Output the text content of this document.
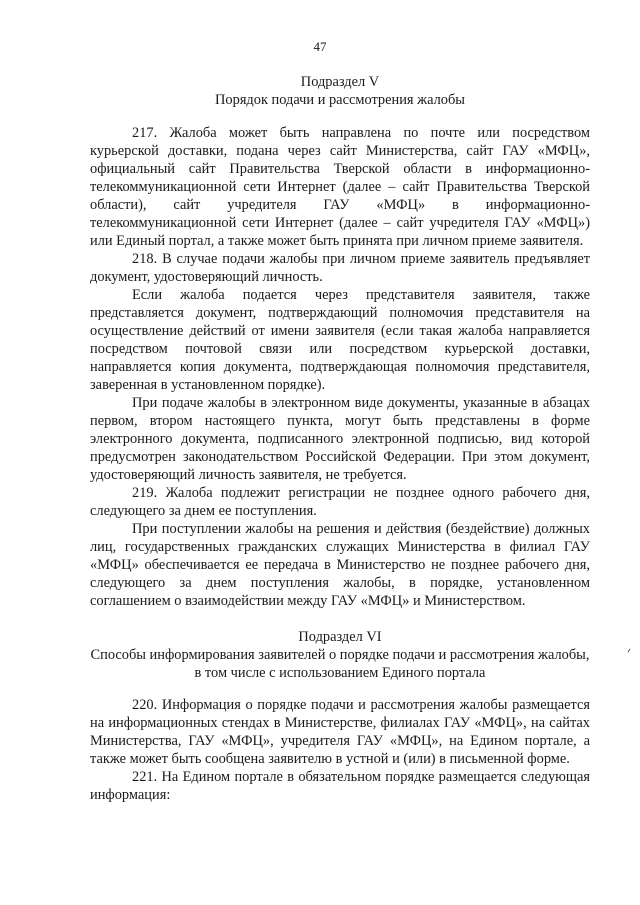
47
Подраздел V
Порядок подачи и рассмотрения жалобы

217. Жалоба может быть направлена по почте или посредством курьерской доставки, подана через сайт Министерства, сайт ГАУ «МФЦ», официальный сайт Правительства Тверской области в информационно-телекоммуникационной сети Интернет (далее – сайт Правительства Тверской области), сайт учредителя ГАУ «МФЦ» в информационно-телекоммуникационной сети Интернет (далее – сайт учредителя ГАУ «МФЦ») или Единый портал, а также может быть принята при личном приеме заявителя.

218. В случае подачи жалобы при личном приеме заявитель предъявляет документ, удостоверяющий личность.

Если жалоба подается через представителя заявителя, также представляется документ, подтверждающий полномочия представителя на осуществление действий от имени заявителя (если такая жалоба направляется посредством почтовой связи или посредством курьерской доставки, направляется копия документа, подтверждающая полномочия представителя, заверенная в установленном порядке).

При подаче жалобы в электронном виде документы, указанные в абзацах первом, втором настоящего пункта, могут быть представлены в форме электронного документа, подписанного электронной подписью, вид которой предусмотрен законодательством Российской Федерации. При этом документ, удостоверяющий личность заявителя, не требуется.

219. Жалоба подлежит регистрации не позднее одного рабочего дня, следующего за днем ее поступления.

При поступлении жалобы на решения и действия (бездействие) должных лиц, государственных гражданских служащих Министерства в филиал ГАУ «МФЦ» обеспечивается ее передача в Министерство не позднее рабочего дня, следующего за днем поступления жалобы, в порядке, установленном соглашением о взаимодействии между ГАУ «МФЦ» и Министерством.

Подраздел VI
Способы информирования заявителей о порядке подачи и рассмотрения жалобы, в том числе с использованием Единого портала

220. Информация о порядке подачи и рассмотрения жалобы размещается на информационных стендах в Министерстве, филиалах ГАУ «МФЦ», на сайтах Министерства, ГАУ «МФЦ», учредителя ГАУ «МФЦ», на Едином портале, а также может быть сообщена заявителю в устной и (или) в письменной форме.

221. На Едином портале в обязательном порядке размещается следующая информация:
